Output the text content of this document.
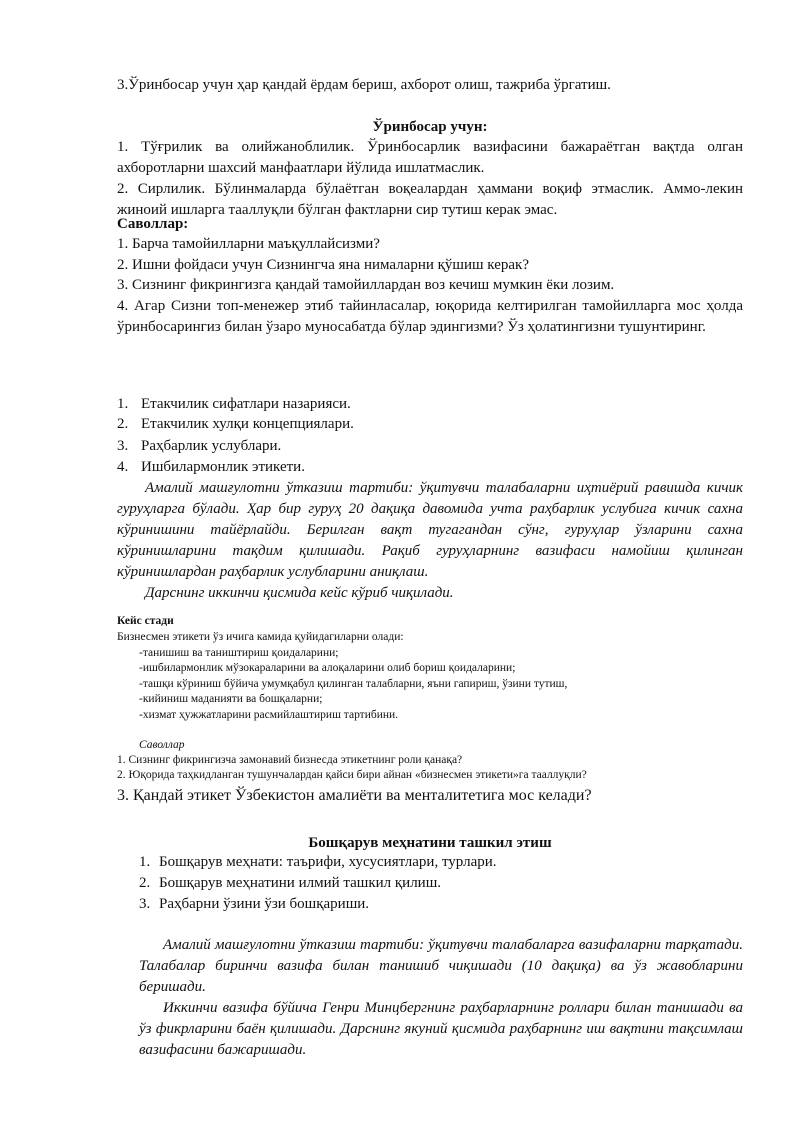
3.Ўринбосар учун ҳар қандай ёрдам бериш, ахборот олиш, тажриба ўргатиш.
Ўринбосар учун:

1. Тўғрилик ва олийжанoблилик. Ўринбосарлик вазифасини бажараётган вақтда олган ахборотларни шахсий манфаатлари йўлида ишлатмаслик.

2. Сирлилик. Бўлинмаларда бўлаётган воқеалардан ҳаммани воқиф этмаслик. Аммо-лекин жиноий ишларга тааллуқли бўлган фактларни сир тутиш керак эмас.

Саволлар:
1. Барча тамойилларни маъқуллайсизми?
2. Ишни фойдаси учун Сизнингча яна нималарни қўшиш керак?
3. Сизнинг фикрингизга қандай тамойиллардан воз кечиш мумкин ёки лозим.

4. Агар Сизни топ-менежер этиб тайинласалар, юқорида келтирилган тамойилларга мос ҳолда ўринбосарингиз билан ўзаро муносабатда бўлар эдингизми? Ўз ҳолатингизни тушунтиринг.

1. Етакчилик сифатлари назарияси.
2. Етакчилик хулқи концепциялари.
3. Раҳбарлик услублари.
4. Ишбилармонлик этикети.

Амалий машғулотни ўтказиш тартиби: ўқитувчи талабаларни иҳтиёрий равишда кичик гуруҳларга бўлади. Ҳар бир гуруҳ 20 дақиқа давомида учта раҳбарлик услубига кичик сахна кўринишини тайёрлайди. Берилган вақт тугагандан сўнг, гуруҳлар ўзларини сахна кўринишларини тақдим қилишади. Рақиб гуруҳларнинг вазифаси намойиш қилинган кўринишлардан раҳбарлик услубларини аниқлаш.

Дарснинг иккинчи қисмида кейс кўриб чиқилади.

Кейс стади
Бизнесмен этикети ўз ичига камида қуйидагиларни олади:
-танишиш ва таништириш қоидаларини;
-ишбилармонлик мўзокараларини ва алоқаларини олиб бориш қоидаларини;
-ташқи кўриниш бўйича умумқабул қилинган талабларни, яъни гапириш, ўзини тутиш,
-кийиниш маданияти ва бошқаларни;
-хизмат ҳужжатларини расмийлаштириш тартибини.
Саволлар
1. Сизнинг фикрингизча замонавий бизнесда этикетнинг роли қанақа?
2. Юқорида таҳкидланган тушунчалардан қайси бири айнан «бизнесмен этикети»га тааллуқли?
3. Қандай этикет Ўзбекистон амалиёти ва менталитетига мос келади?
Бошқарув меҳнатини ташкил этиш
1. Бошқарув меҳнати: таърифи, хусусиятлари, турлари.
2. Бошқарув меҳнатини илмий ташкил қилиш.
3. Раҳбарни ўзини ўзи бошқариши.

Амалий машғулотни ўтказиш тартиби: ўқитувчи талабаларга вазифаларни тарқатади. Талабалар биринчи вазифа билан танишиб чиқишади (10 дақиқа) ва ўз жавобларини беришади.

Иккинчи вазифа бўйича Генри Минцбергнинг раҳбарларнинг роллари билан танишади ва ўз фикрларини баён қилишади. Дарснинг якуний қисмида раҳбарнинг иш вақтини тақсимлаш вазифасини бажаришади.
